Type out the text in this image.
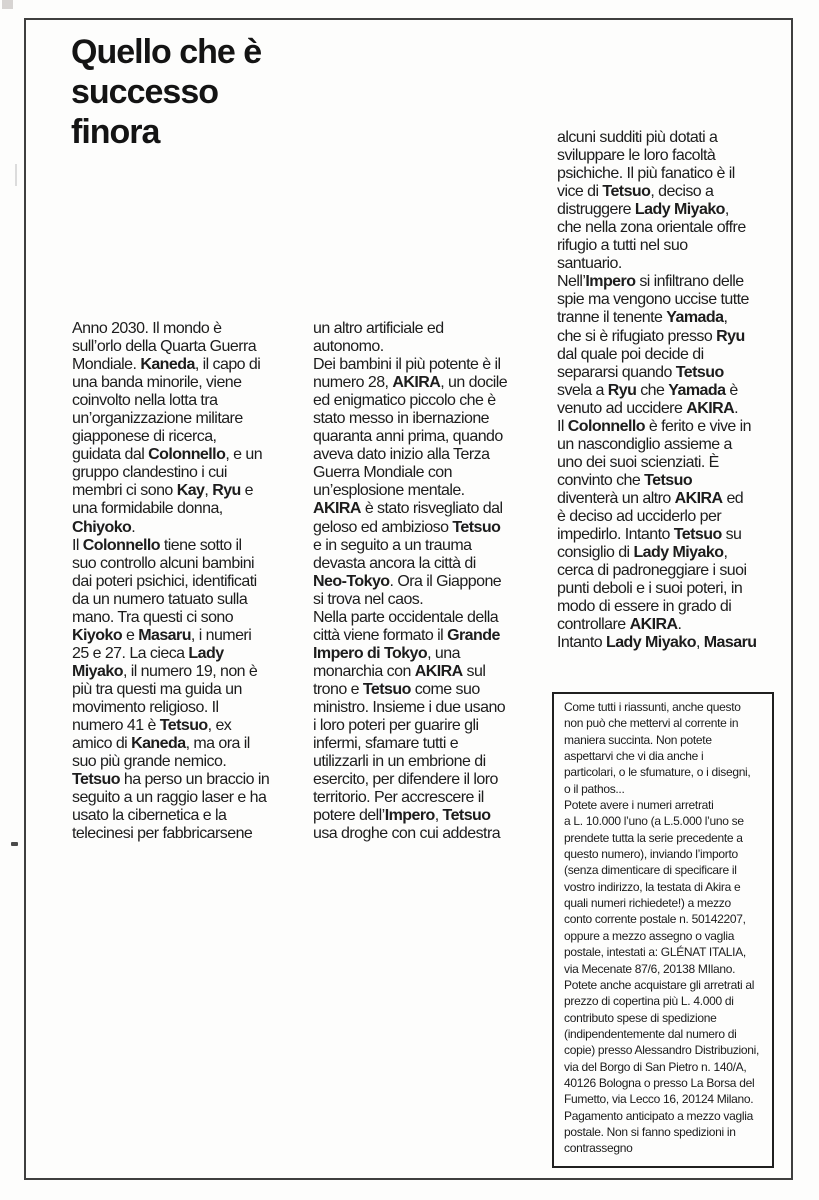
Quello che è
successo
finora
Anno 2030. Il mondo è
sull’orlo della Quarta Guerra
Mondiale. Kaneda, il capo di
una banda minorile, viene
coinvolto nella lotta tra
un’organizzazione militare
giapponese di ricerca,
guidata dal Colonnello, e un
gruppo clandestino i cui
membri ci sono Kay, Ryu e
una formidabile donna,
Chiyoko.
Il Colonnello tiene sotto il
suo controllo alcuni bambini
dai poteri psichici, identificati
da un numero tatuato sulla
mano. Tra questi ci sono
Kiyoko e Masaru, i numeri
25 e 27. La cieca Lady
Miyako, il numero 19, non è
più tra questi ma guida un
movimento religioso. Il
numero 41 è Tetsuo, ex
amico di Kaneda, ma ora il
suo più grande nemico.
Tetsuo ha perso un braccio in
seguito a un raggio laser e ha
usato la cibernetica e la
telecinesi per fabbricarsene
un altro artificiale ed
autonomo.
Dei bambini il più potente è il
numero 28, AKIRA, un docile
ed enigmatico piccolo che è
stato messo in ibernazione
quaranta anni prima, quando
aveva dato inizio alla Terza
Guerra Mondiale con
un’esplosione mentale.
AKIRA è stato risvegliato dal
geloso ed ambizioso Tetsuo
e in seguito a un trauma
devasta ancora la città di
Neo-Tokyo. Ora il Giappone
si trova nel caos.
Nella parte occidentale della
città viene formato il Grande
Impero di Tokyo, una
monarchia con AKIRA sul
trono e Tetsuo come suo
ministro. Insieme i due usano
i loro poteri per guarire gli
infermi, sfamare tutti e
utilizzarli in un embrione di
esercito, per difendere il loro
territorio. Per accrescere il
potere dell’Impero, Tetsuo
usa droghe con cui addestra
alcuni sudditi più dotati a
sviluppare le loro facoltà
psichiche. Il più fanatico è il
vice di Tetsuo, deciso a
distruggere Lady Miyako,
che nella zona orientale offre
rifugio a tutti nel suo
santuario.
Nell’Impero si infiltrano delle
spie ma vengono uccise tutte
tranne il tenente Yamada,
che si è rifugiato presso Ryu
dal quale poi decide di
separarsi quando Tetsuo
svela a Ryu che Yamada è
venuto ad uccidere AKIRA.
Il Colonnello è ferito e vive in
un nascondiglio assieme a
uno dei suoi scienziati. È
convinto che Tetsuo
diventerà un altro AKIRA ed
è deciso ad ucciderlo per
impedirlo. Intanto Tetsuo su
consiglio di Lady Miyako,
cerca di padroneggiare i suoi
punti deboli e i suoi poteri, in
modo di essere in grado di
controllare AKIRA.
Intanto Lady Miyako, Masaru
Come tutti i riassunti, anche questo
non può che mettervi al corrente in
maniera succinta. Non potete
aspettarvi che vi dia anche i
particolari, o le sfumature, o i disegni,
o il pathos...
Potete avere i numeri arretrati
a L. 10.000 l’uno (a L.5.000 l’uno se
prendete tutta la serie precedente a
questo numero), inviando l’importo
(senza dimenticare di specificare il
vostro indirizzo, la testata di Akira e
quali numeri richiedete!) a mezzo
conto corrente postale n. 50142207,
oppure a mezzo assegno o vaglia
postale, intestati a: GLÉNAT ITALIA,
via Mecenate 87/6, 20138 MIlano.
Potete anche acquistare gli arretrati al
prezzo di copertina più L. 4.000 di
contributo spese di spedizione
(indipendentemente dal numero di
copie) presso Alessandro Distribuzioni,
via del Borgo di San Pietro n. 140/A,
40126 Bologna o presso La Borsa del
Fumetto, via Lecco 16, 20124 Milano.
Pagamento anticipato a mezzo vaglia
postale. Non si fanno spedizioni in
contrassegno
